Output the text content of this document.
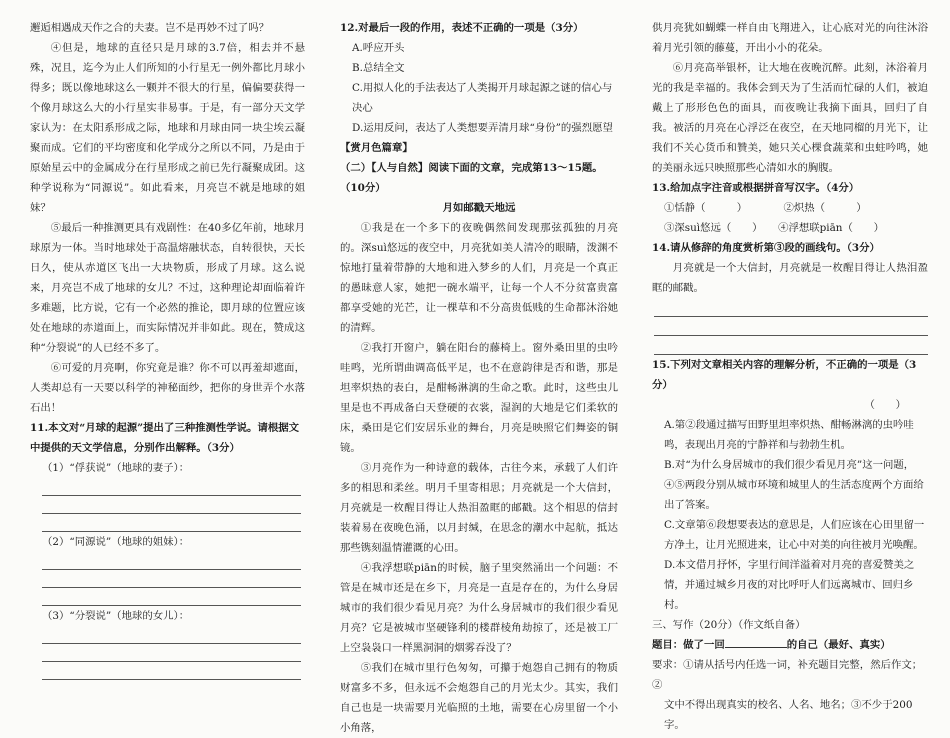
邂逅相遇成天作之合的夫妻。岂不是再妙不过了吗？

④但是，地球的直径只是月球的3.7倍，相去并不悬殊，况且，迄今为止人们所知的小行星无一例外都比月球小得多；既以像地球这么一颗并不很大的行星，偏偏要获得一个像月球这么大的小行星实非易事。于是，有一部分天文学家认为：在太阳系形成之际，地球和月球由同一块尘埃云凝聚而成。它们的平均密度和化学成分之所以不同，乃是由于原始星云中的金属成分在行星形成之前已先行凝聚成团。这种学说称为“同源说”。如此看来，月亮岂不就是地球的姐妹？

⑤最后一种推测更具有戏剧性：在40多亿年前，地球月球原为一体。当时地球处于高温熔融状态，自转很快，天长日久，使从赤道区飞出一大块物质，形成了月球。这么说来，月亮岂不成了地球的女儿？不过，这种理论却面临着许多难题，比方说，它有一个必然的推论，即月球的位置应该处在地球的赤道面上，而实际情况并非如此。现在，赞成这种“分裂说”的人已经不多了。

⑥可爱的月亮啊，你究竟是谁？你不可以再羞却遮面，人类却总有一天要以科学的神秘面纱，把你的身世弄个水落石出！

11.本文对“月球的起源”提出了三种推测性学说。请根据文中提供的天文学信息，分别作出解释。（3分）

（1）“俘获说”（地球的妻子）：

（2）“同源说”（地球的姐妹）：

（3）“分裂说”（地球的女儿）：

12.对最后一段的作用，表述不正确的一项是（3分）

A.呼应开头

B.总结全文

C.用拟人化的手法表达了人类揭开月球起源之谜的信心与决心

D.运用反问，表达了人类想要弄清月球“身份”的强烈愿望

【赏月色篇章】

（二）【人与自然】阅读下面的文章，完成第13～15题。（10分）

月如邮戳天地远

①我是在一个多下的夜晚偶然间发现那弦孤独的月亮的。深suì悠远的夜空中，月亮犹如美人清冷的眼睛，泼渊不惊地打量着带静的大地和进入梦乡的人们，月亮是一个真正的愚昧意人家，她把一碗水端平，让每一个人不分贫富贵富都享受她的光芒，让一棵草和不分高贵低贱的生命都沐浴她的清辉。

②我打开窗户，躺在阳台的藤椅上。窗外桑田里的虫吟哇鸣，光所谓曲调高低平足，也不在意韵律是否和谐，那是坦率炽热的表白，是酣畅淋漓的生命之歌。此时，这些虫儿里是也不再成备白天登硬的衣裳，湿润的大地是它们柔软的床，桑田是它们安居乐业的舞台，月亮是映照它们舞姿的铜镜。

③月亮作为一种诗意的载体，古往今来，承载了人们许多的相思和柔丝。明月千里寄相思；月亮就是一个大信封，月亮就是一枚醒目得让人热泪盈眶的邮戳。这个相思的信封装着易在夜晚色涌，以月封缄，在思念的潮水中起航，抵达那些镌刻温情灌溉的心田。

④我浮想联piān的时候，脑子里突然涌出一个问题：不管是在城市还是在乡下，月亮是一直是存在的，为什么身居城市的我们很少看见月亮？为什么身居城市的我们很少看见月亮？它是被城市坚硬锋利的楼群棱角劫掠了，还是被工厂上空袅袅口一样黑洞洞的烟雾吞没了？

⑤我们在城市里行色匆匆，可攥于炮怨自己拥有的物质财富多不多，但永远不会炮怨自己的月光太少。其实，我们自己也是一块需要月光临照的土地，需要在心房里留一个小小角落，

供月亮犹如蝴蝶一样自由飞翔进入，让心底对光的向往沐浴着月光引领的藤蔓，开出小小的花朵。

⑥月亮高举银杯，让大地在夜晚沉醉。此刻，沐浴着月光的我是幸福的。我体会到天为了生活而忙碌的人们，被迫戴上了形形色色的面具，而夜晚让我摘下面具，回归了自我。被活的月亮在心浮泛在夜空，在天地同榴的月光下，让我们不关心货币和贊美，她只关心棵食蔬菜和虫蛀吟鸣，她的美丽永远只映照那些心清如水的胸腹。

13.给加点字注音或根据拼音写汉字。（4分）

①恬静（　　　）　　　　	②炽热（　　　）

③深suì悠远（　　）　　 ④浮想联piān（　　）

14.请从修辞的角度赏析第③段的画线句。（3分）

月亮就是一个大信封，月亮就是一枚醒目得让人热泪盈眶的邮戳。

15.下列对文章相关内容的理解分析，不正确的一项是（3分）

（　　）

A.第②段通过描写田野里坦率炽热、酣畅淋漓的虫吟哇鸣，表现出月亮的宁静祥和与勃勃生机。

B.对“为什么身居城市的我们很少看见月亮”这一问题，④⑤两段分别从城市环境和城里人的生活态度两个方面给出了答案。

C.文章第⑥段想要表达的意思是，人们应该在心田里留一方净土，让月光照进来，让心中对美的向往被月光唤醒。

D.本文借月抒怀，字里行间洋溢着对月亮的喜爱赞美之情，并通过城乡月夜的对比呼吁人们远离城市、回归乡村。

三、写作（20分）（作文纸自备）

题目：做了一回	的自己（最好、真实）

要求：①请从括号内任选一词，补充题目完整，然后作文；②

文中不得出现真实的校名、人名、地名；③不少于200字。
